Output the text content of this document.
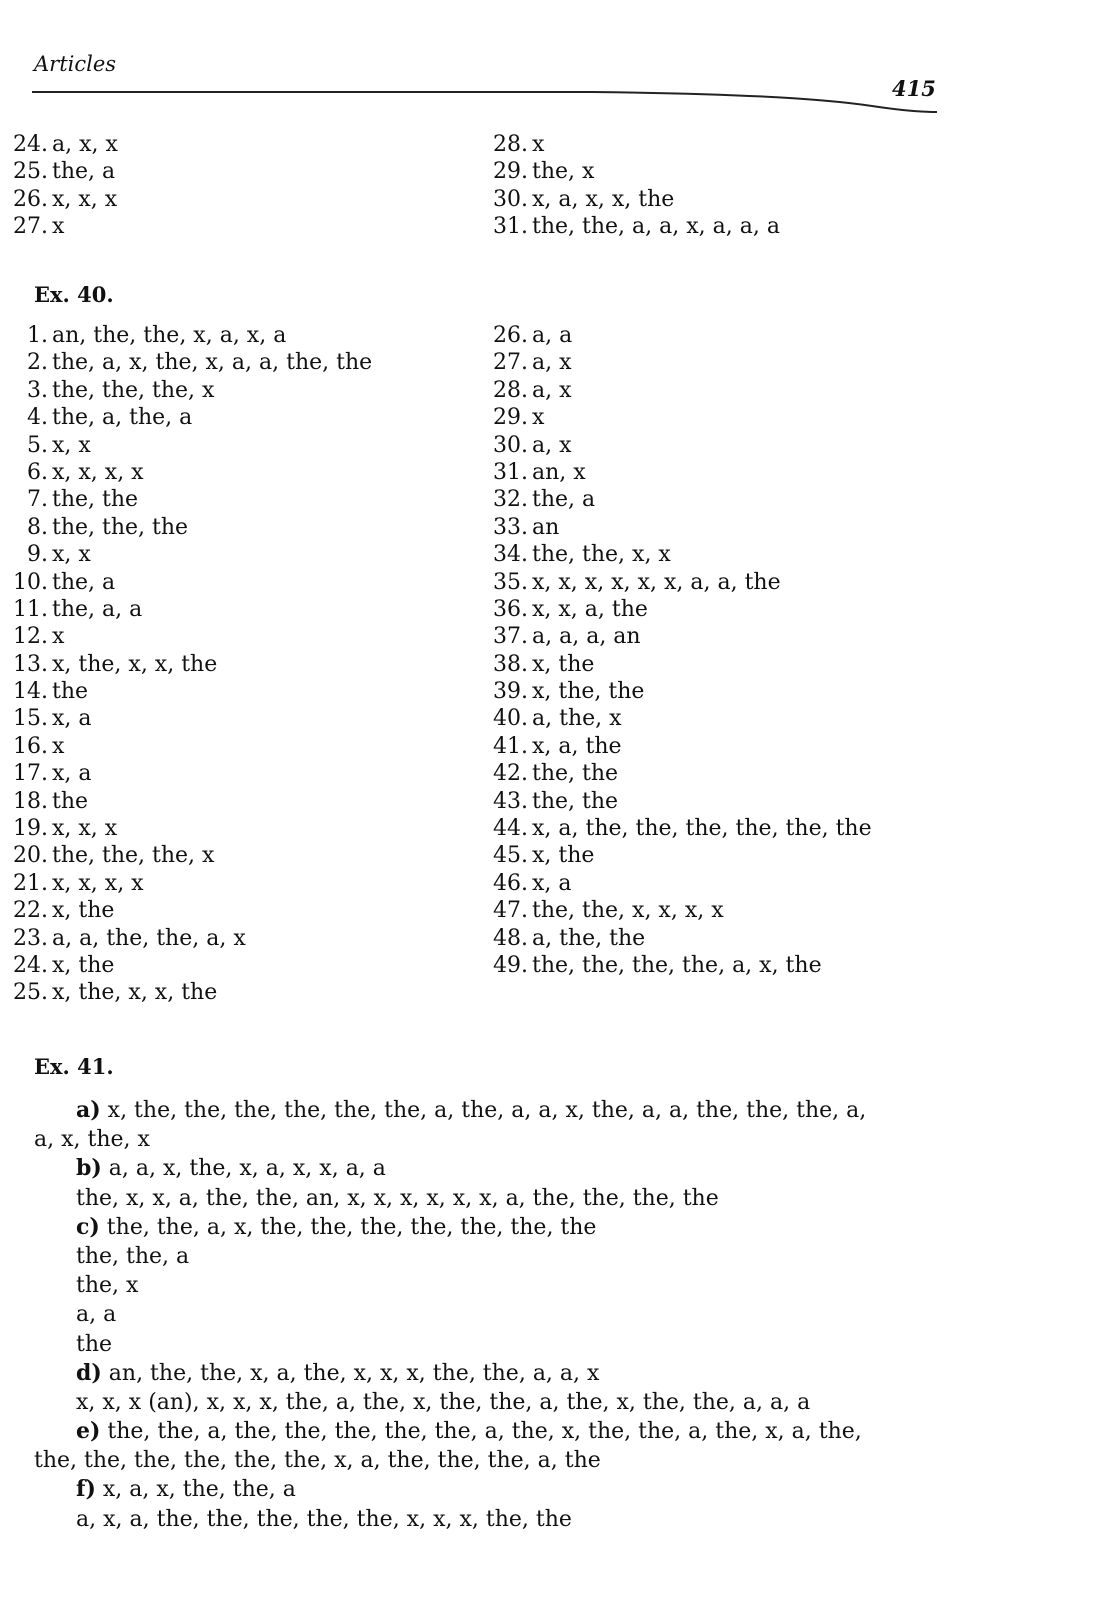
Articles
415
24. a, x, x
25. the, a
26. x, x, x
27. x
28. x
29. the, x
30. x, a, x, x, the
31. the, the, a, a, x, a, a, a
Ex. 40.
1. an, the, the, x, a, x, a
2. the, a, x, the, x, a, a, the, the
3. the, the, the, x
4. the, a, the, a
5. x, x
6. x, x, x, x
7. the, the
8. the, the, the
9. x, x
10. the, a
11. the, a, a
12. x
13. x, the, x, x, the
14. the
15. x, a
16. x
17. x, a
18. the
19. x, x, x
20. the, the, the, x
21. x, x, x, x
22. x, the
23. a, a, the, the, a, x
24. x, the
25. x, the, x, x, the
26. a, a
27. a, x
28. a, x
29. x
30. a, x
31. an, x
32. the, a
33. an
34. the, the, x, x
35. x, x, x, x, x, x, a, a, the
36. x, x, a, the
37. a, a, a, an
38. x, the
39. x, the, the
40. a, the, x
41. x, a, the
42. the, the
43. the, the
44. x, a, the, the, the, the, the, the
45. x, the
46. x, a
47. the, the, x, x, x, x
48. a, the, the
49. the, the, the, the, a, x, the
Ex. 41.
a) x, the, the, the, the, the, the, a, the, a, a, x, the, a, a, the, the, the, a,
a, x, the, x
b) a, a, x, the, x, a, x, x, a, a
the, x, x, a, the, the, an, x, x, x, x, x, x, a, the, the, the, the
c) the, the, a, x, the, the, the, the, the, the, the
the, the, a
the, x
a, a
the
d) an, the, the, x, a, the, x, x, x, the, the, a, a, x
x, x, x (an), x, x, x, the, a, the, x, the, the, a, the, x, the, the, a, a, a
e) the, the, a, the, the, the, the, the, a, the, x, the, the, a, the, x, a, the,
the, the, the, the, the, the, x, a, the, the, the, a, the
f) x, a, x, the, the, a
a, x, a, the, the, the, the, the, x, x, x, the, the
